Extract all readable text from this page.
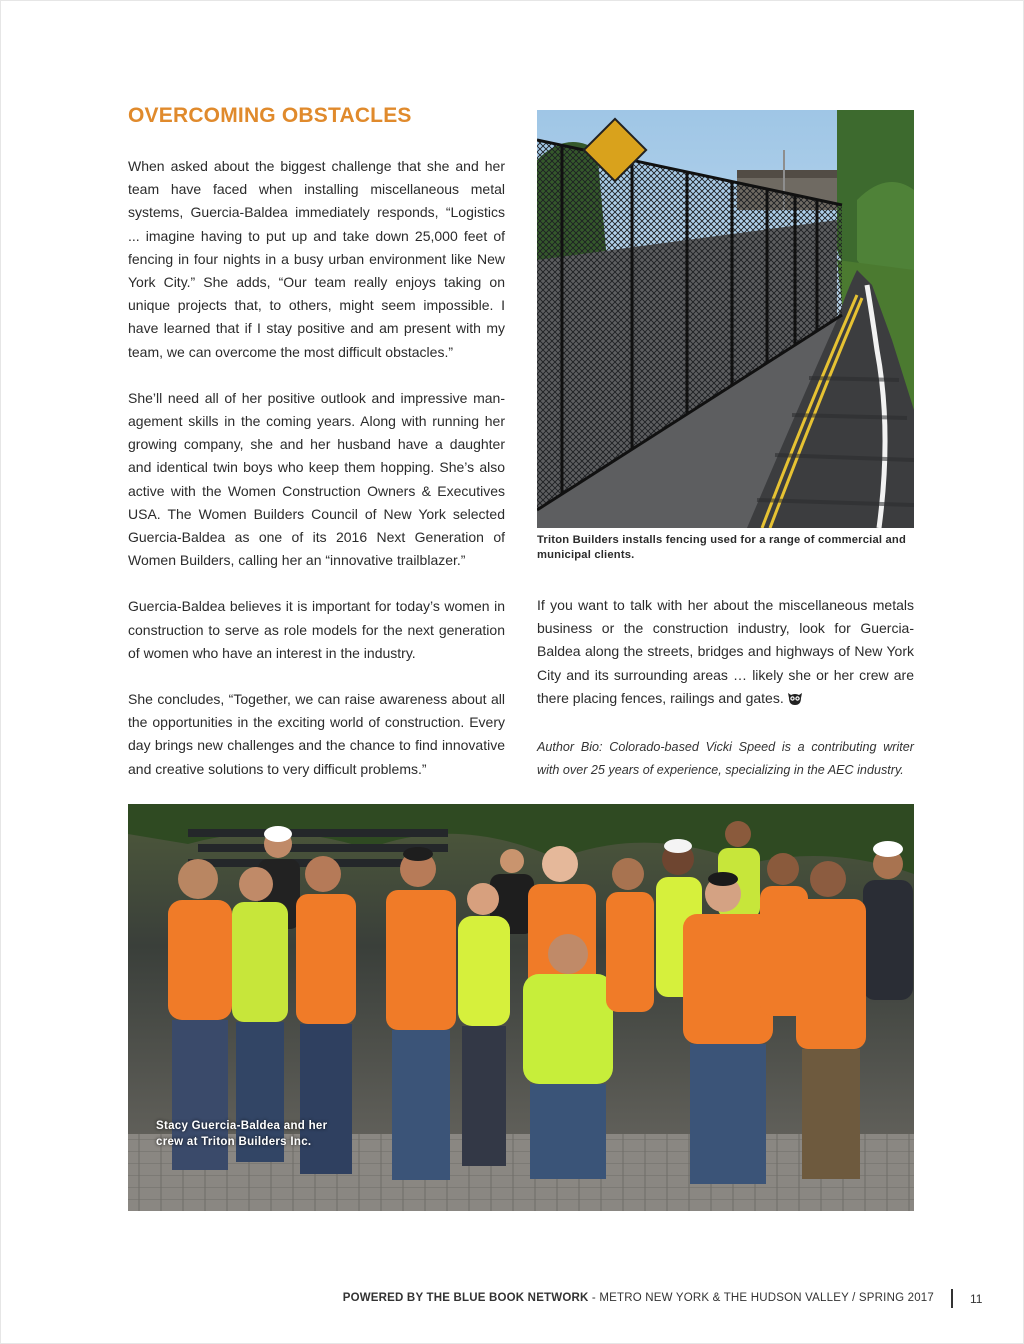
OVERCOMING OBSTACLES

When asked about the biggest challenge that she and her team have faced when installing miscellaneous metal systems, Guercia-Baldea immediately responds, “Logistics ... imagine having to put up and take down 25,000 feet of fencing in four nights in a busy urban environment like New York City.” She adds, “Our team really enjoys taking on unique projects that, to others, might seem impossible. I have learned that if I stay positive and am present with my team, we can overcome the most difficult obstacles.”

She’ll need all of her positive outlook and impressive man-agement skills in the coming years. Along with running her growing company, she and her husband have a daughter and identical twin boys who keep them hopping. She’s also active with the Women Construction Owners & Executives USA. The Women Builders Council of New York selected Guercia-Baldea as one of its 2016 Next Generation of Women Builders, calling her an “innovative trailblazer.”

Guercia-Baldea believes it is important for today’s women in construction to serve as role models for the next generation of women who have an interest in the industry.

She concludes, “Together, we can raise awareness about all the opportunities in the exciting world of construction. Every day brings new challenges and the chance to find innovative and creative solutions to very difficult problems.”

Triton Builders installs fencing used for a range of commercial and municipal clients.

If you want to talk with her about the miscellaneous metals business or the construction industry, look for Guercia-Baldea along the streets, bridges and highways of New York City and its surrounding areas … likely she or her crew are there placing fences, railings and gates.

Author Bio: Colorado-based Vicki Speed is a contributing writer with over 25 years of experience, specializing in the AEC industry.

Stacy Guercia-Baldea and her crew at Triton Builders Inc.
POWERED BY THE BLUE BOOK NETWORK - METRO NEW YORK & THE HUDSON VALLEY / SPRING 2017	11
